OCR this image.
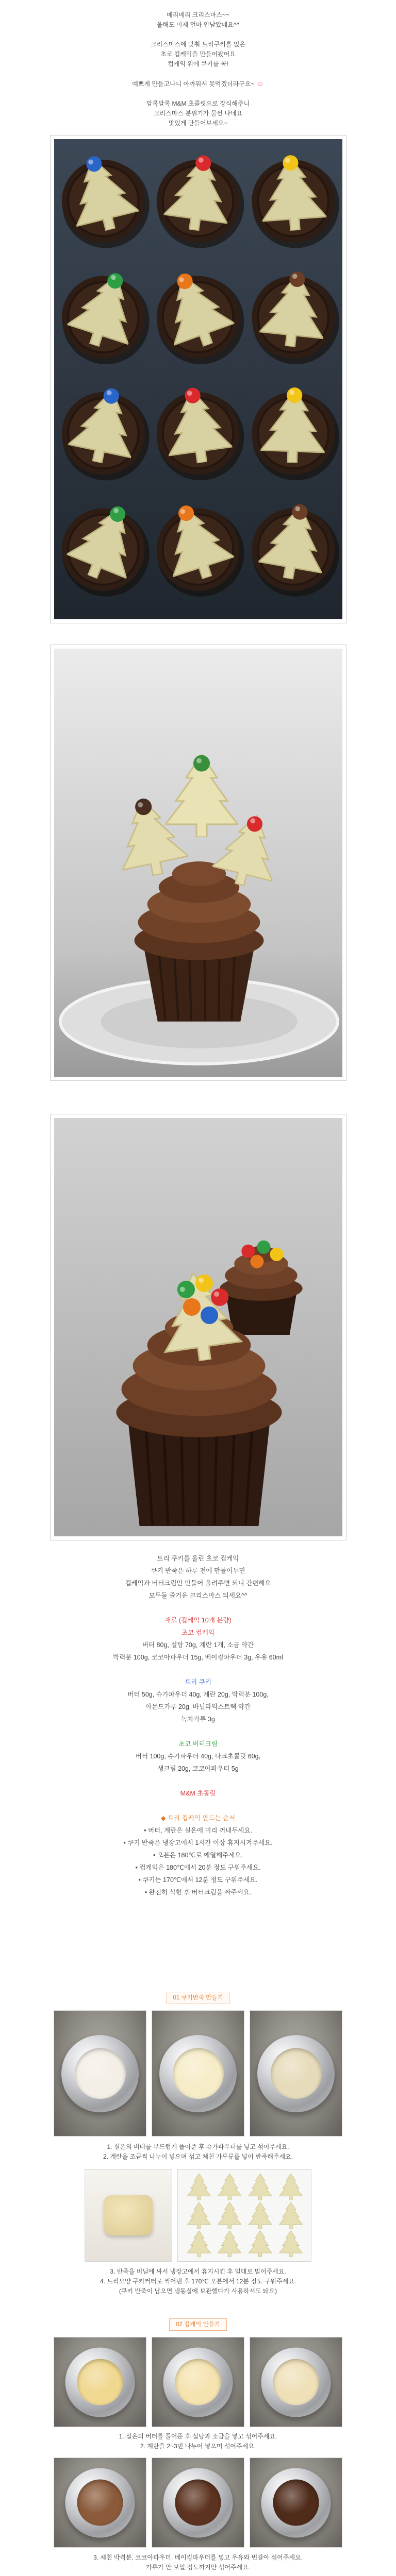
메리메리 크리스마스~~
올해도 이제 얼마 안남았네요^^
크리스마스에 맞춰 트리쿠키를 얹은
초코 컵케익을 만들어봤어요
컵케익 위에 쿠키를 콕!
예쁘게 만들고나니 아까워서 못먹겠더라구요~ ☺
알록달록 M&M 초콜릿으로 장식해주니
크리스마스 분위기가 물씬 나네요
맛있게 만들어보세요~
트리 쿠키를 올린 초코 컵케익
쿠키 반죽은 하루 전에 만들어두면
컵케익과 버터크림만 만들어 올려주면 되니 간편해요
모두들 즐거운 크리스마스 되세요^^
재료 (컵케익 10개 분량)
초코 컵케익
버터 80g, 설탕 70g, 계란 1개, 소금 약간
박력분 100g, 코코아파우더 15g, 베이킹파우더 3g, 우유 60ml
트리 쿠키
버터 50g, 슈가파우더 40g, 계란 20g, 박력분 100g,
아몬드가루 20g, 바닐라익스트랙 약간
녹차가루 3g
초코 버터크림
버터 100g, 슈가파우더 40g, 다크초콜릿 60g,
생크림 20g, 코코아파우더 5g
M&M 초콜릿
◆ 트리 컵케익 만드는 순서
• 버터, 계란은 실온에 미리 꺼내두세요.
• 쿠키 반죽은 냉장고에서 1시간 이상 휴지시켜주세요.
• 오븐은 180℃로 예열해주세요.
• 컵케익은 180℃에서 20분 정도 구워주세요.
• 쿠키는 170℃에서 12분 정도 구워주세요.
• 완전히 식힌 후 버터크림을 짜주세요.
01 쿠키반죽 만들기
1. 실온의 버터를 부드럽게 풀어준 후 슈가파우더를 넣고 섞어주세요.
2. 계란을 조금씩 나누어 넣으며 섞고 체친 가루류를 넣어 반죽해주세요.
3. 반죽을 비닐에 싸서 냉장고에서 휴지시킨 후 밀대로 밀어주세요.
4. 트리모양 쿠키커터로 찍어낸 후 170℃ 오븐에서 12분 정도 구워주세요.
(쿠키 반죽이 남으면 냉동실에 보관했다가 사용하셔도 돼요)
02 컵케익 만들기
1. 실온의 버터를 풀어준 후 설탕과 소금을 넣고 섞어주세요.
2. 계란을 2~3번 나누어 넣으며 섞어주세요.
3. 체친 박력분, 코코아파우더, 베이킹파우더를 넣고 우유와 번갈아 섞어주세요.
가루가 안 보일 정도까지만 섞어주세요.
